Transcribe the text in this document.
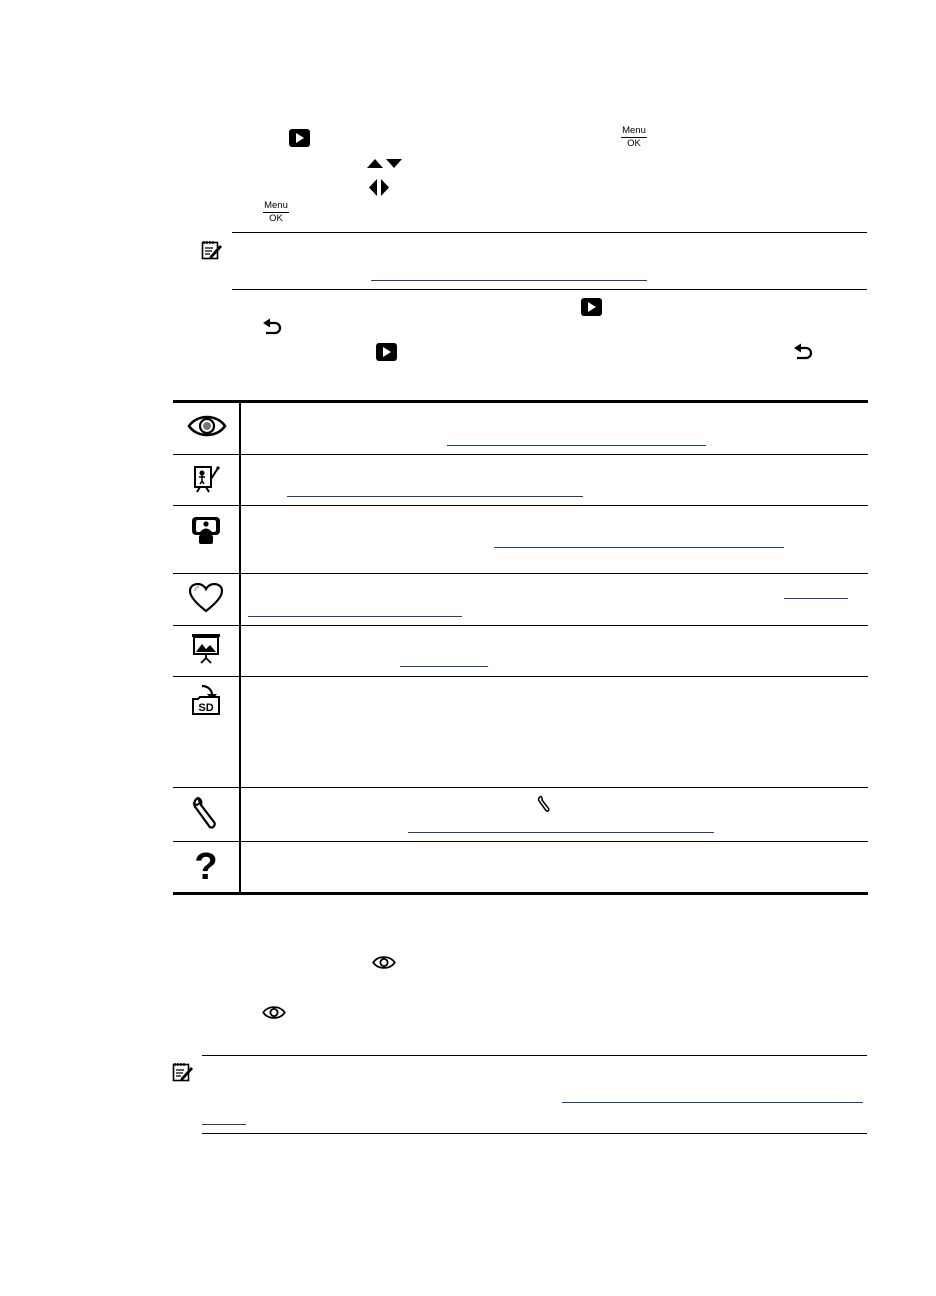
Menu
OK
Menu
OK
SD
?
